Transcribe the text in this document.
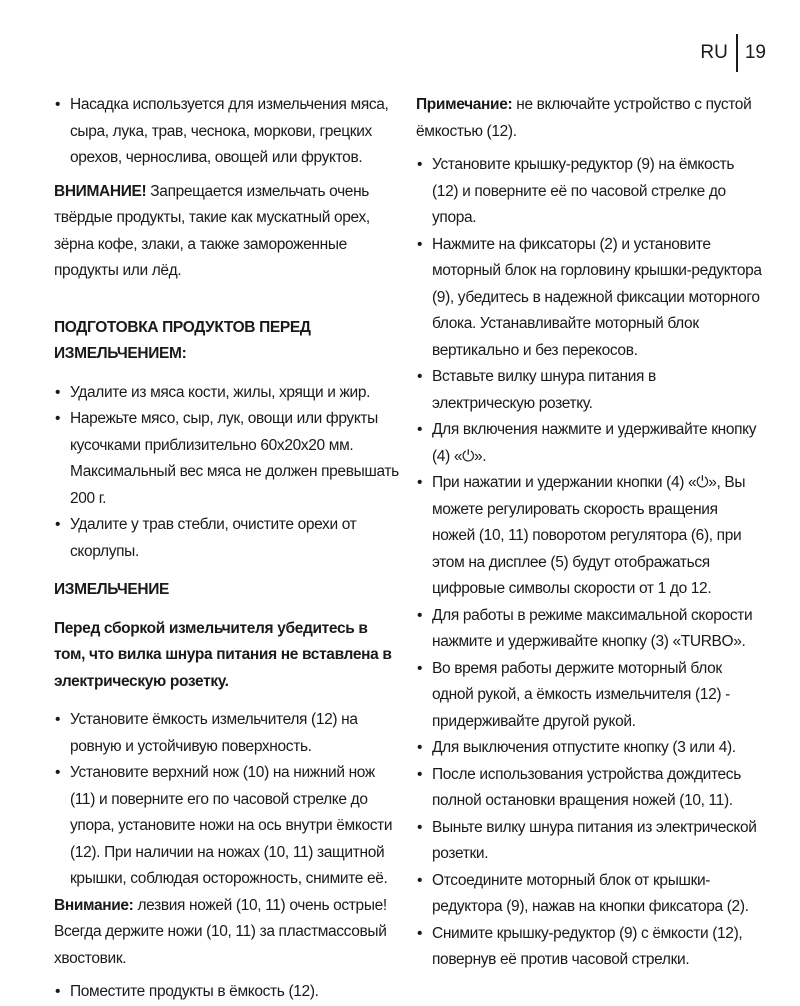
RU 19
• Насадка используется для измельчения мяса, сыра, лука, трав, чеснока, моркови, грецких орехов, чернослива, овощей или фруктов.

ВНИМАНИЕ! Запрещается измельчать очень твёрдые продукты, такие как мускатный орех, зёрна кофе, злаки, а также замороженные продукты или лёд.

ПОДГОТОВКА ПРОДУКТОВ ПЕРЕД ИЗМЕЛЬЧЕНИЕМ:

• Удалите из мяса кости, жилы, хрящи и жир.
• Нарежьте мясо, сыр, лук, овощи или фрукты кусочками приблизительно 60х20х20 мм. Максимальный вес мяса не должен превышать 200 г.
• Удалите у трав стебли, очистите орехи от скорлупы.

ИЗМЕЛЬЧЕНИЕ

Перед сборкой измельчителя убедитесь в том, что вилка шнура питания не вставлена в электрическую розетку.

• Установите ёмкость измельчителя (12) на ровную и устойчивую поверхность.
• Установите верхний нож (10) на нижний нож (11) и поверните его по часовой стрелке до упора, установите ножи на ось внутри ёмкости (12). При наличии на ножах (10, 11) защитной крышки, соблюдая осторожность, снимите её.

Внимание: лезвия ножей (10, 11) очень острые! Всегда держите ножи (10, 11) за пластмассовый хвостовик.

• Поместите продукты в ёмкость (12).

Примечание: не включайте устройство с пустой ёмкостью (12).

• Установите крышку-редуктор (9) на ёмкость (12) и поверните её по часовой стрелке до упора.
• Нажмите на фиксаторы (2) и установите моторный блок на горловину крышки-редуктора (9), убедитесь в надежной фиксации моторного блока. Устанавливайте моторный блок вертикально и без перекосов.
• Вставьте вилку шнура питания в электрическую розетку.
• Для включения нажмите и удерживайте кнопку (4) «⏻».
• При нажатии и удержании кнопки (4) «⏻», Вы можете регулировать скорость вращения ножей (10, 11) поворотом регулятора (6), при этом на дисплее (5) будут отображаться цифровые символы скорости от 1 до 12.
• Для работы в режиме максимальной скорости нажмите и удерживайте кнопку (3) «TURBO».
• Во время работы держите моторный блок одной рукой, а ёмкость измельчителя (12) - придерживайте другой рукой.
• Для выключения отпустите кнопку (3 или 4).
• После использования устройства дождитесь полной остановки вращения ножей (10, 11).
• Выньте вилку шнура питания из электрической розетки.
• Отсоедините моторный блок от крышки-редуктора (9), нажав на кнопки фиксатора (2).
• Снимите крышку-редуктор (9) с ёмкости (12), повернув её против часовой стрелки.
